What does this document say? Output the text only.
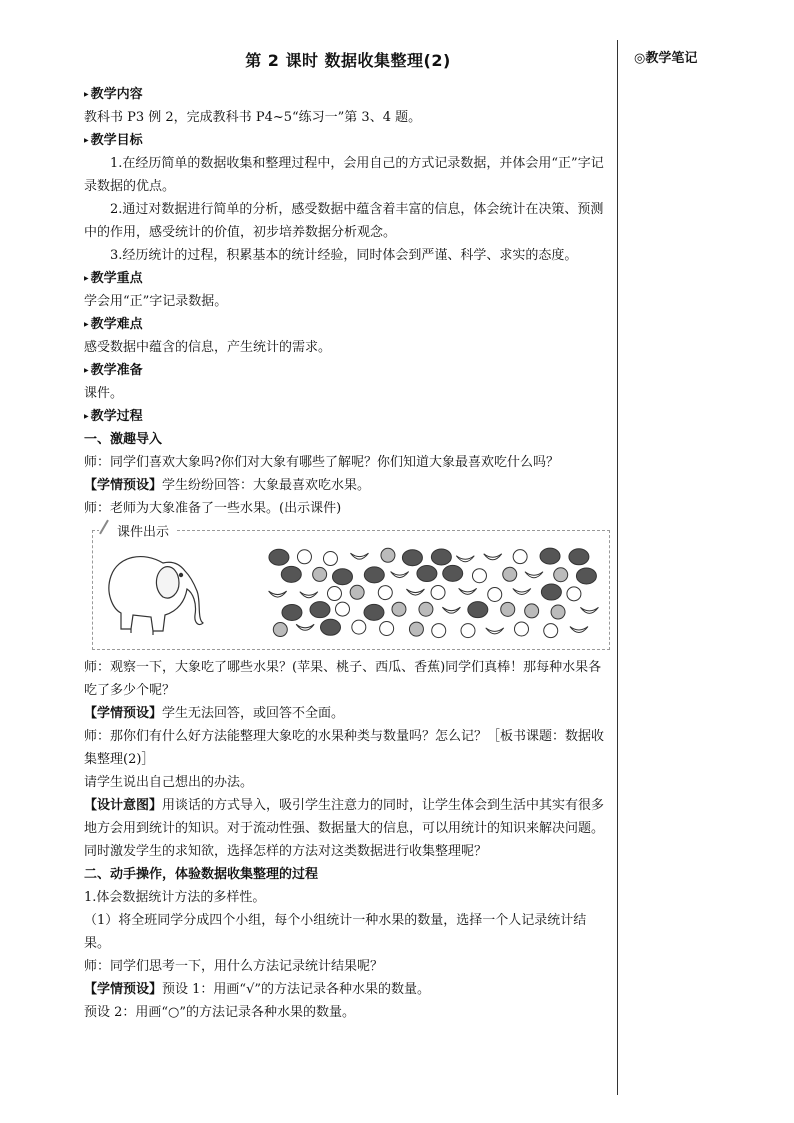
◎教学笔记
第 2 课时 数据收集整理(2)

▶ 教学内容

教科书 P3 例 2，完成教科书 P4~5“练习一”第 3、4 题。

▶ 教学目标

1.在经历简单的数据收集和整理过程中，会用自己的方式记录数据，并体会用“正”字记录数据的优点。

2.通过对数据进行简单的分析，感受数据中蕴含着丰富的信息，体会统计在决策、预测中的作用，感受统计的价值，初步培养数据分析观念。

3.经历统计的过程，积累基本的统计经验，同时体会到严谨、科学、求实的态度。

▶ 教学重点

学会用“正”字记录数据。

▶ 教学难点

感受数据中蕴含的信息，产生统计的需求。

▶ 教学准备

课件。

▶ 教学过程

一、激趣导入

师：同学们喜欢大象吗?你们对大象有哪些了解呢？你们知道大象最喜欢吃什么吗？

【学情预设】学生纷纷回答：大象最喜欢吃水果。

师：老师为大象准备了一些水果。(出示课件)

课件出示

师：观察一下，大象吃了哪些水果？(苹果、桃子、西瓜、香蕉)同学们真棒！那每种水果各吃了多少个呢？

【学情预设】学生无法回答，或回答不全面。

师：那你们有什么好方法能整理大象吃的水果种类与数量吗？怎么记？［板书课题：数据收集整理(2)］

请学生说出自己想出的办法。

【设计意图】用谈话的方式导入，吸引学生注意力的同时，让学生体会到生活中其实有很多地方会用到统计的知识。对于流动性强、数据量大的信息，可以用统计的知识来解决问题。同时激发学生的求知欲，选择怎样的方法对这类数据进行收集整理呢？

二、动手操作，体验数据收集整理的过程

1.体会数据统计方法的多样性。

（1）将全班同学分成四个小组，每个小组统计一种水果的数量，选择一个人记录统计结果。

师：同学们思考一下，用什么方法记录统计结果呢？

【学情预设】预设 1：用画“√”的方法记录各种水果的数量。

预设 2：用画“○”的方法记录各种水果的数量。
